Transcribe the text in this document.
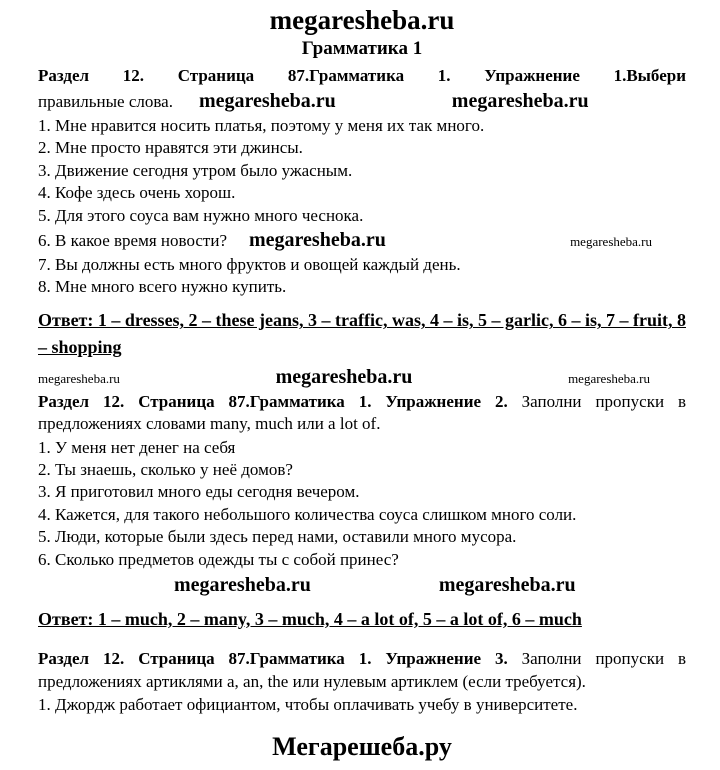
megaresheba.ru
Грамматика 1

Раздел 12. Страница 87.Грамматика 1. Упражнение 1.Выбери

правильные слова. megaresheba.ru	megaresheba.ru

1. Мне нравится носить платья, поэтому у меня их так много.
2. Мне просто нравятся эти джинсы.
3. Движение сегодня утром было ужасным.
4. Кофе здесь очень хорош.
5. Для этого соуса вам нужно много чеснока.
6. В какое время новости? megaresheba.ru	megaresheba.ru
7. Вы должны есть много фруктов и овощей каждый день.
8. Мне много всего нужно купить.

Ответ: 1 – dresses, 2 – these jeans, 3 – traffic, was, 4 – is, 5 – garlic, 6 – is, 7 – fruit, 8 – shopping

megaresheba.ru	megaresheba.ru	megaresheba.ru

Раздел 12. Страница 87.Грамматика 1. Упражнение 2. Заполни пропуски в предложениях словами many, much или a lot of.

1. У меня нет денег на себя
2. Ты знаешь, сколько у неё домов?
3. Я приготовил много еды сегодня вечером.
4. Кажется, для такого небольшого количества соуса слишком много соли.
5. Люди, которые были здесь перед нами, оставили много мусора.
6. Сколько предметов одежды ты с собой принес?
megaresheba.ru	megaresheba.ru

Ответ: 1 – much, 2 – many, 3 – much, 4 – a lot of, 5 – a lot of, 6 – much

Раздел 12. Страница 87.Грамматика 1. Упражнение 3. Заполни пропуски в предложениях артиклями a, an, the или нулевым артиклем (если требуется).

1. Джордж работает официантом, чтобы оплачивать учебу в университете.
Мегарешеба.ру
